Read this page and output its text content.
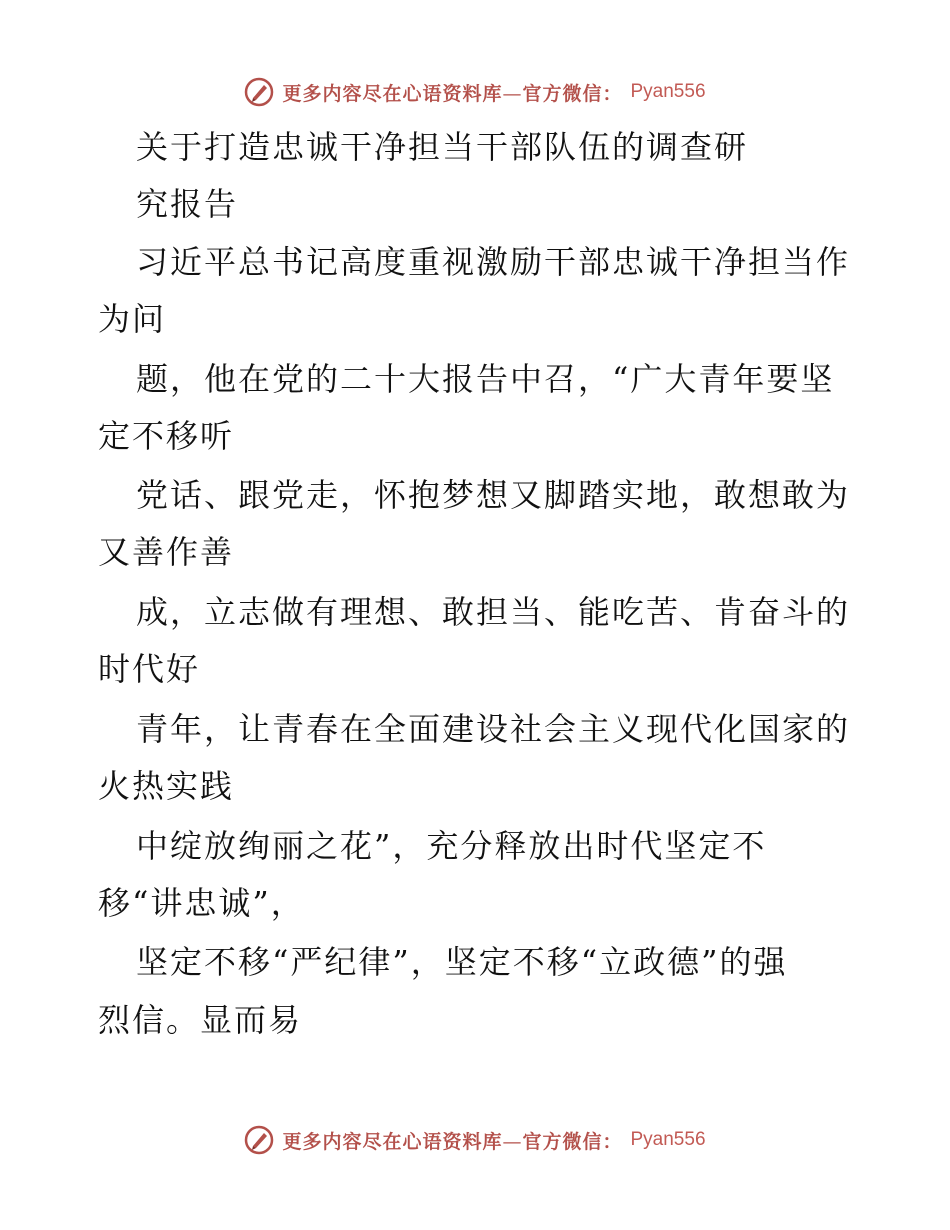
更多内容尽在心语资料库—官方微信： Pyan556
关于打造忠诚干净担当干部队伍的调查研
究报告
习近平总书记高度重视激励干部忠诚干净担当作
为问
题，他在党的二十大报告中召，“广大青年要坚
定不移听
党话、跟党走，怀抱梦想又脚踏实地，敢想敢为
又善作善
成，立志做有理想、敢担当、能吃苦、肯奋斗的
时代好
青年，让青春在全面建设社会主义现代化国家的
火热实践
中绽放绚丽之花”，充分释放出时代坚定不
移“讲忠诚”，
坚定不移“严纪律”，坚定不移“立政德”的强
烈信。显而易
更多内容尽在心语资料库—官方微信： Pyan556
